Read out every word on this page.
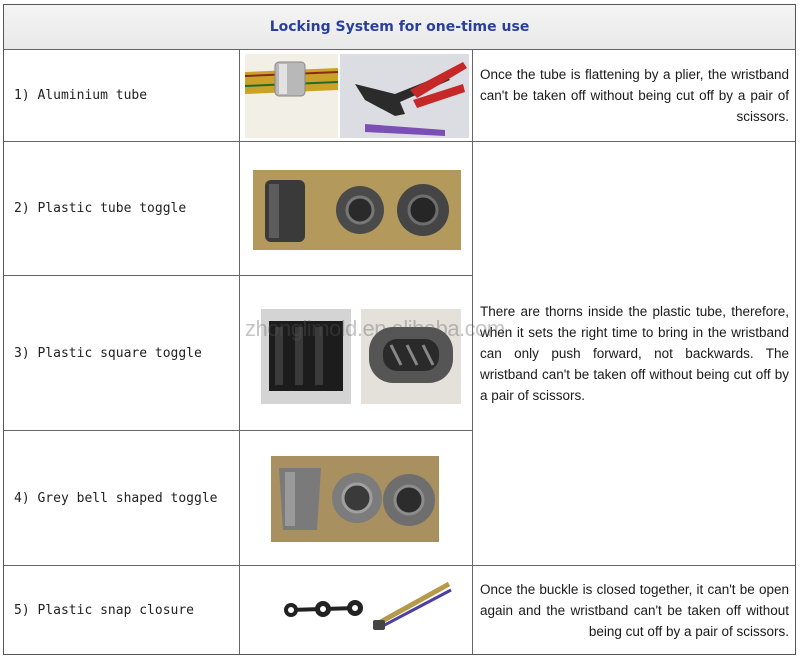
Locking System for one-time use
1) Aluminium tube
Once the tube is flattening by a plier, the wristband can't be taken off without being cut off by a pair of scissors.
2) Plastic tube toggle
There are thorns inside the plastic tube, therefore, when it sets the right time to bring in the wristband can only push forward, not backwards. The wristband can't be taken off without being cut off by a pair of scissors.
3) Plastic square toggle
4) Grey bell shaped toggle
5) Plastic snap closure
Once the buckle is closed together, it can't be open again and the wristband can't be taken off without being cut off by a pair of scissors.
zhonglimold.en.alibaba.com
